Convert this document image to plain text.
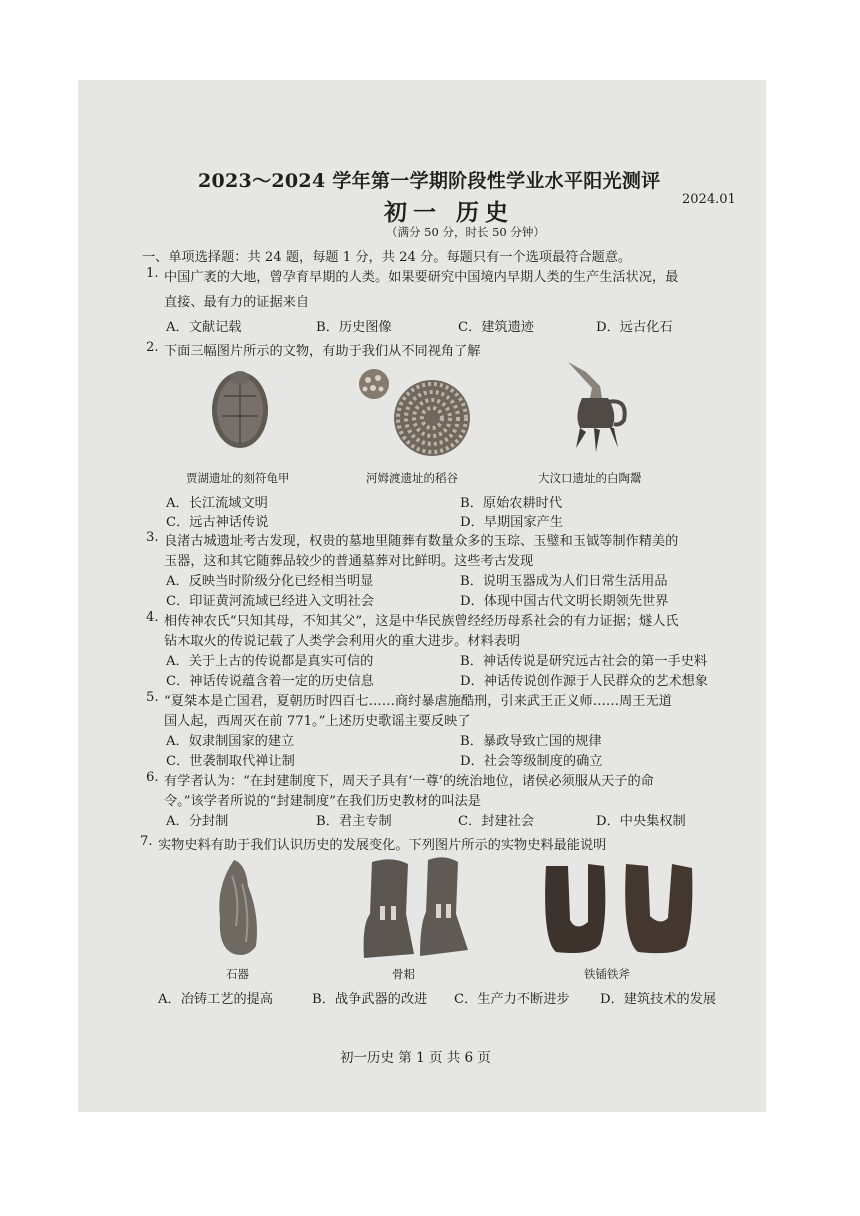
2023～2024 学年第一学期阶段性学业水平阳光测评
2024.01
初一 历史
（满分 50 分，时长 50 分钟）
一、单项选择题：共 24 题，每题 1 分，共 24 分。每题只有一个选项最符合题意。
1. 中国广袤的大地，曾孕育早期的人类。如果要研究中国境内早期人类的生产生活状况，最
直接、最有力的证据来自
A．文献记载	B．历史图像	C．建筑遗迹	D．远古化石
2. 下面三幅图片所示的文物，有助于我们从不同视角了解
贾湖遗址的刻符龟甲	河姆渡遗址的稻谷	大汶口遗址的白陶鬶
A．长江流域文明	B．原始农耕时代
C．远古神话传说	D．早期国家产生
3. 良渚古城遗址考古发现，权贵的墓地里随葬有数量众多的玉琮、玉璧和玉钺等制作精美的
玉器，这和其它随葬品较少的普通墓葬对比鲜明。这些考古发现
A．反映当时阶级分化已经相当明显	B．说明玉器成为人们日常生活用品
C．印证黄河流域已经进入文明社会	D．体现中国古代文明长期领先世界
4. 相传神农氏“只知其母，不知其父”，这是中华民族曾经经历母系社会的有力证据；燧人氏
钻木取火的传说记载了人类学会利用火的重大进步。材料表明
A．关于上古的传说都是真实可信的	B．神话传说是研究远古社会的第一手史料
C．神话传说蕴含着一定的历史信息	D．神话传说创作源于人民群众的艺术想象
5. “夏桀本是亡国君，夏朝历时四百七……商纣暴虐施酷刑，引来武王正义师……周王无道
国人起，西周灭在前 771。”上述历史歌谣主要反映了
A．奴隶制国家的建立	B．暴政导致亡国的规律
C．世袭制取代禅让制	D．社会等级制度的确立
6. 有学者认为：“在封建制度下，周天子具有‘一尊’的统治地位，诸侯必须服从天子的命
令。”该学者所说的“封建制度”在我们历史教材的叫法是
A．分封制	B．君主专制	C．封建社会	D．中央集权制
7. 实物史料有助于我们认识历史的发展变化。下列图片所示的实物史料最能说明
石器	骨耜	铁锸铁斧
A．冶铸工艺的提高	B．战争武器的改进 C．生产力不断进步 D．建筑技术的发展
初一历史 第 1 页 共 6 页
